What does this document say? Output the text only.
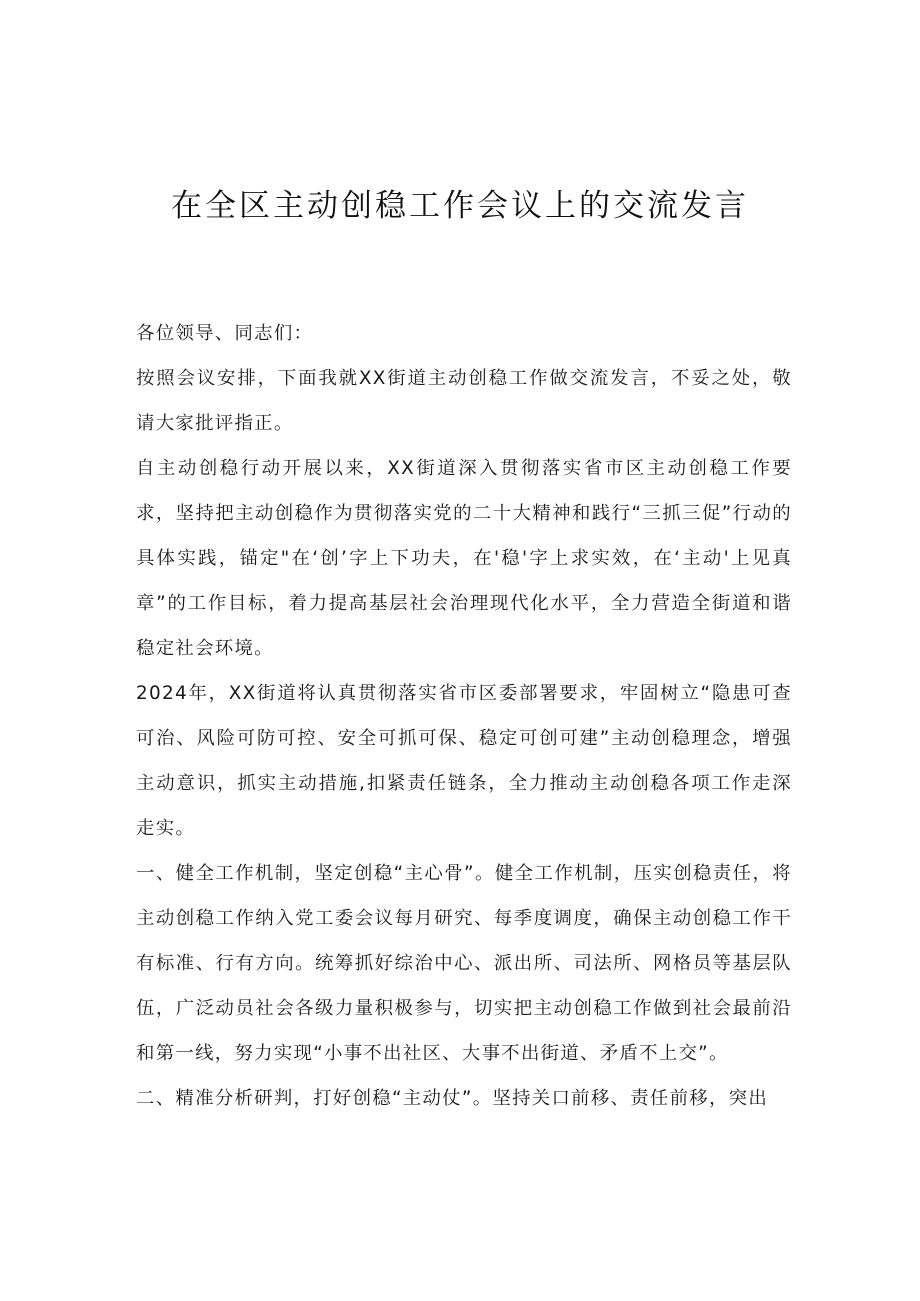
在全区主动创稳工作会议上的交流发言

各位领导、同志们：

按照会议安排，下面我就XX街道主动创稳工作做交流发言，不妥之处，敬请大家批评指正。

自主动创稳行动开展以来，XX街道深入贯彻落实省市区主动创稳工作要求，坚持把主动创稳作为贯彻落实党的二十大精神和践行“三抓三促”行动的具体实践，锚定"在‘创’字上下功夫，在'稳'字上求实效，在‘主动'上见真章”的工作目标，着力提高基层社会治理现代化水平，全力营造全街道和谐稳定社会环境。

2024年，XX街道将认真贯彻落实省市区委部署要求，牢固树立“隐患可查可治、风险可防可控、安全可抓可保、稳定可创可建”主动创稳理念，增强主动意识，抓实主动措施,扣紧责任链条，全力推动主动创稳各项工作走深走实。

一、健全工作机制，坚定创稳“主心骨”。健全工作机制，压实创稳责任，将主动创稳工作纳入党工委会议每月研究、每季度调度，确保主动创稳工作干有标准、行有方向。统筹抓好综治中心、派出所、司法所、网格员等基层队伍，广泛动员社会各级力量积极参与，切实把主动创稳工作做到社会最前沿和第一线，努力实现“小事不出社区、大事不出街道、矛盾不上交”。

二、精准分析研判，打好创稳“主动仗”。坚持关口前移、责任前移，突出
